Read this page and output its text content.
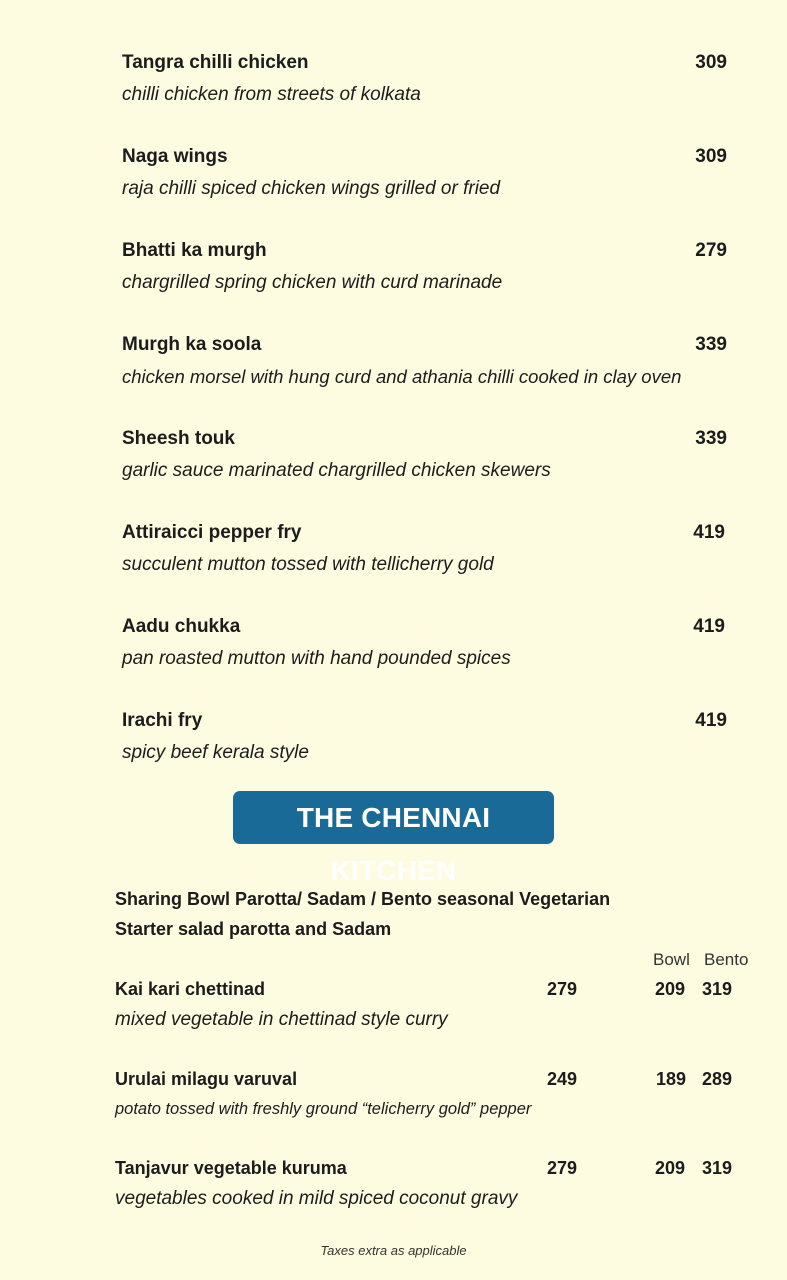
Tangra chilli chicken	309
chilli chicken from streets of kolkata
Naga wings	309
raja chilli spiced chicken wings grilled or fried
Bhatti ka murgh	279
chargrilled spring chicken with curd marinade
Murgh ka soola	339
chicken morsel with hung curd and athania chilli cooked in clay oven
Sheesh touk	339
garlic sauce marinated chargrilled chicken skewers
Attiraicci pepper fry	419
succulent mutton tossed with tellicherry gold
Aadu chukka	419
pan roasted mutton with hand pounded spices
Irachi fry	419
spicy beef kerala style
THE CHENNAI KITCHEN
Sharing Bowl Parotta/ Sadam / Bento seasonal Vegetarian
Starter salad parotta and Sadam
Bowl Bento
Kai kari chettinad	279	209 319
mixed vegetable in chettinad style curry
Urulai milagu varuval	249	189 289
potato tossed with freshly ground “telicherry gold” pepper
Tanjavur vegetable kuruma	279	209 319
vegetables cooked in mild spiced coconut gravy
Taxes extra as applicable
